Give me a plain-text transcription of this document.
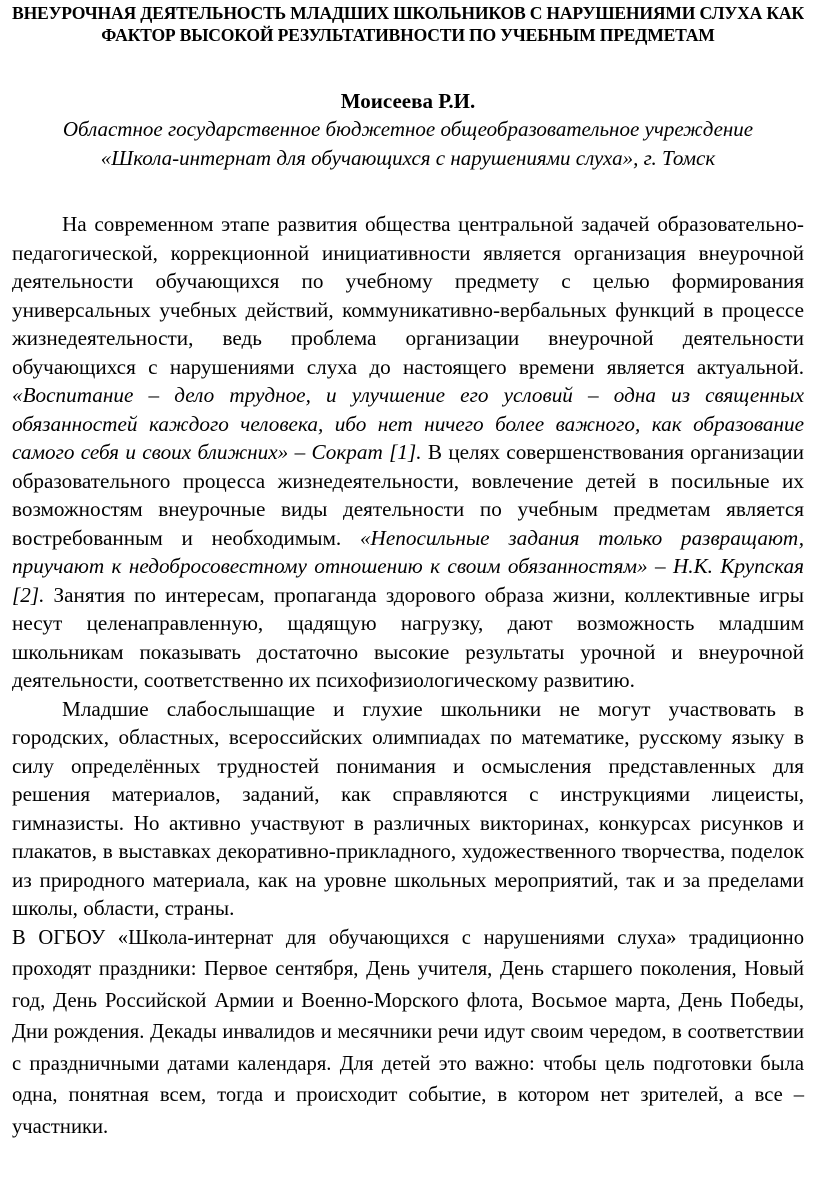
ВНЕУРОЧНАЯ ДЕЯТЕЛЬНОСТЬ МЛАДШИХ ШКОЛЬНИКОВ С НАРУШЕНИЯМИ СЛУХА КАК ФАКТОР ВЫСОКОЙ РЕЗУЛЬТАТИВНОСТИ ПО УЧЕБНЫМ ПРЕДМЕТАМ

Моисеева Р.И.

Областное государственное бюджетное общеобразовательное учреждение

«Школа-интернат для обучающихся с нарушениями слуха», г. Томск

На современном этапе развития общества центральной задачей образовательно-педагогической, коррекционной инициативности является организация внеурочной деятельности обучающихся по учебному предмету с целью формирования универсальных учебных действий, коммуникативно-вербальных функций в процессе жизнедеятельности, ведь проблема организации внеурочной деятельности обучающихся с нарушениями слуха до настоящего времени является актуальной. «Воспитание – дело трудное, и улучшение его условий – одна из священных обязанностей каждого человека, ибо нет ничего более важного, как образование самого себя и своих ближних» – Сократ [1]. В целях совершенствования организации образовательного процесса жизнедеятельности, вовлечение детей в посильные их возможностям внеурочные виды деятельности по учебным предметам является востребованным и необходимым. «Непосильные задания только развращают, приучают к недобросовестному отношению к своим обязанностям» – Н.К. Крупская [2]. Занятия по интересам, пропаганда здорового образа жизни, коллективные игры несут целенаправленную, щадящую нагрузку, дают возможность младшим школьникам показывать достаточно высокие результаты урочной и внеурочной деятельности, соответственно их психофизиологическому развитию.

Младшие слабослышащие и глухие школьники не могут участвовать в городских, областных, всероссийских олимпиадах по математике, русскому языку в силу определённых трудностей понимания и осмысления представленных для решения материалов, заданий, как справляются с инструкциями лицеисты, гимназисты. Но активно участвуют в различных викторинах, конкурсах рисунков и плакатов, в выставках декоративно-прикладного, художественного творчества, поделок из природного материала, как на уровне школьных мероприятий, так и за пределами школы, области, страны.

В ОГБОУ «Школа-интернат для обучающихся с нарушениями слуха» традиционно проходят праздники: Первое сентября, День учителя, День старшего поколения, Новый год, День Российской Армии и Военно-Морского флота, Восьмое марта, День Победы, Дни рождения. Декады инвалидов и месячники речи идут своим чередом, в соответствии с праздничными датами календаря. Для детей это важно: чтобы цель подготовки была одна, понятная всем, тогда и происходит событие, в котором нет зрителей, а все – участники.
